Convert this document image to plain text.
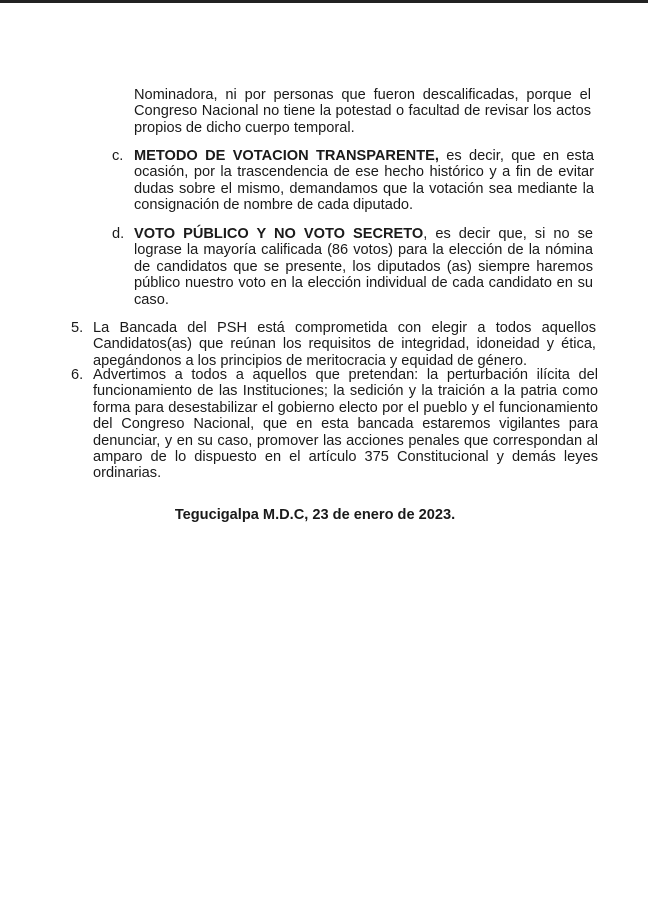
Nominadora, ni por personas que fueron descalificadas, porque el Congreso Nacional no tiene la potestad o facultad de revisar los actos propios de dicho cuerpo temporal.

c. METODO DE VOTACION TRANSPARENTE, es decir, que en esta ocasión, por la trascendencia de ese hecho histórico y a fin de evitar dudas sobre el mismo, demandamos que la votación sea mediante la consignación de nombre de cada diputado.

d. VOTO PÚBLICO Y NO VOTO SECRETO, es decir que, si no se lograse la mayoría calificada (86 votos) para la elección de la nómina de candidatos que se presente, los diputados (as) siempre haremos público nuestro voto en la elección individual de cada candidato en su caso.

5. La Bancada del PSH está comprometida con elegir a todos aquellos Candidatos(as) que reúnan los requisitos de integridad, idoneidad y ética, apegándonos a los principios de meritocracia y equidad de género.

6. Advertimos a todos a aquellos que pretendan: la perturbación ilícita del funcionamiento de las Instituciones; la sedición y la traición a la patria como forma para desestabilizar el gobierno electo por el pueblo y el funcionamiento del Congreso Nacional, que en esta bancada estaremos vigilantes para denunciar, y en su caso, promover las acciones penales que correspondan al amparo de lo dispuesto en el artículo 375 Constitucional y demás leyes ordinarias.

Tegucigalpa M.D.C, 23 de enero de 2023.
